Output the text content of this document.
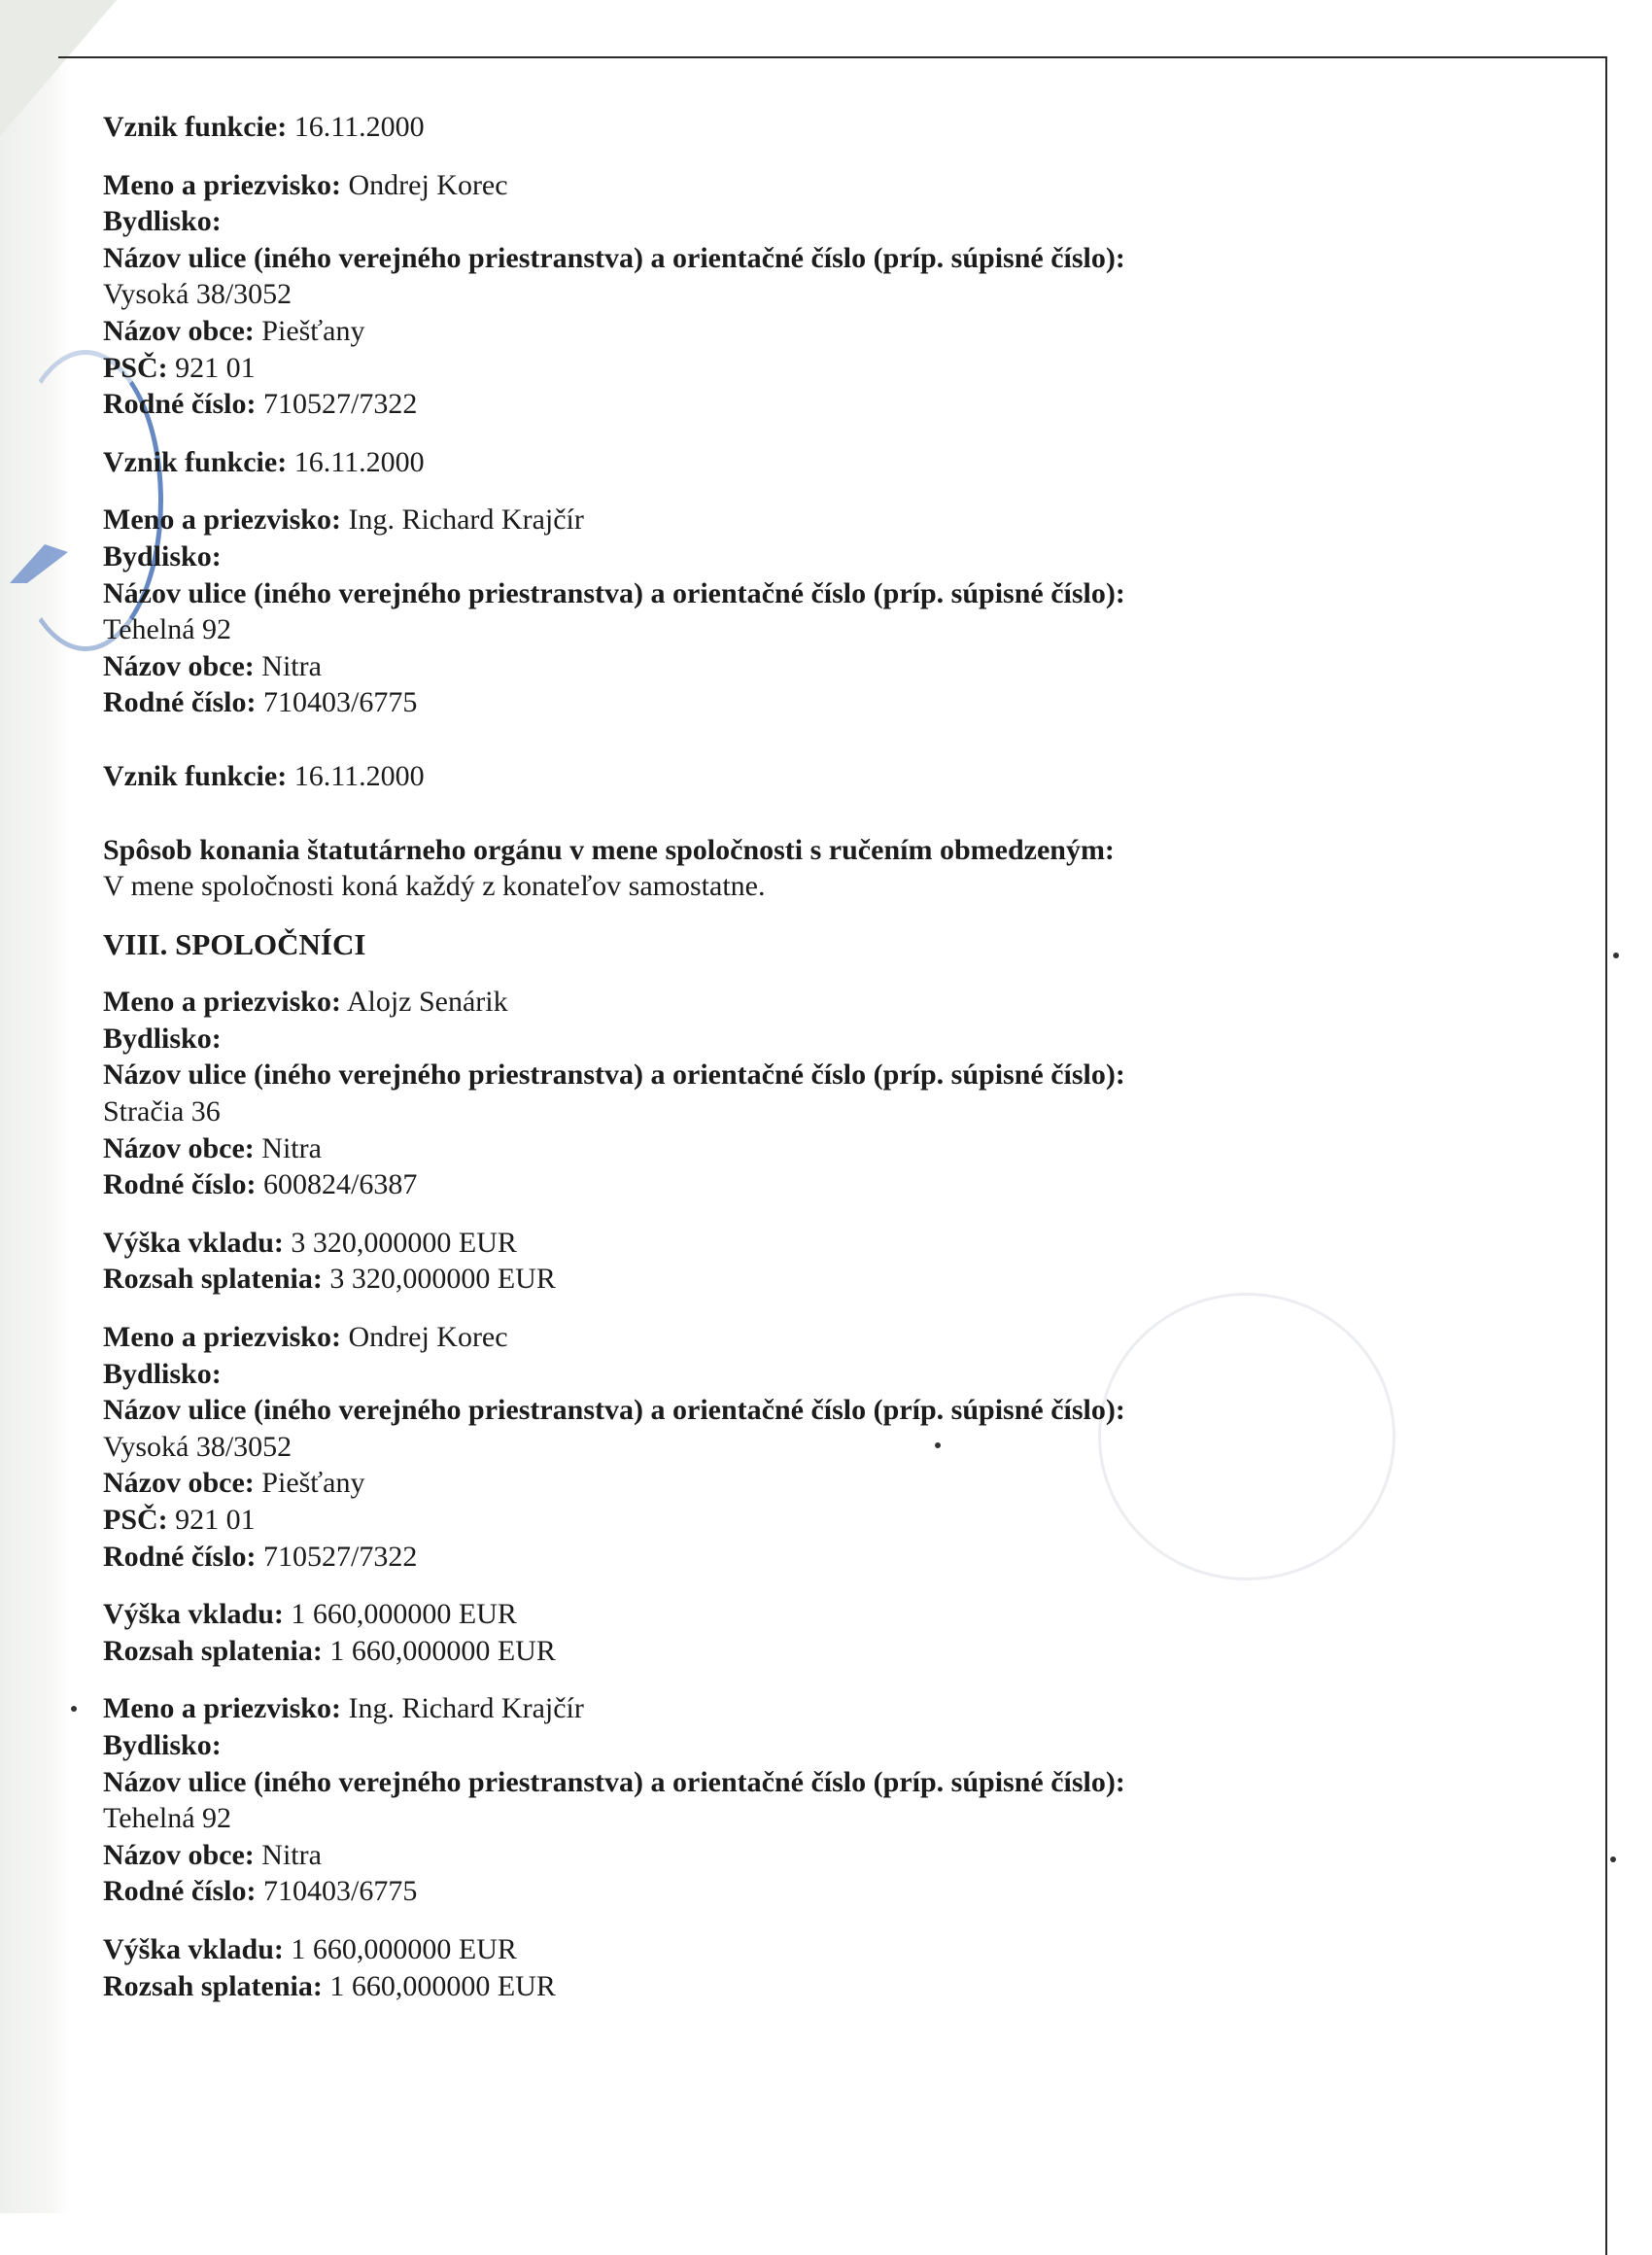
Vznik funkcie: 16.11.2000
Meno a priezvisko: Ondrej Korec
Bydlisko:
Názov ulice (iného verejného priestranstva) a orientačné číslo (príp. súpisné číslo):
Vysoká 38/3052
Názov obce: Piešťany
PSČ: 921 01
Rodné číslo: 710527/7322
Vznik funkcie: 16.11.2000
Meno a priezvisko: Ing. Richard Krajčír
Bydlisko:
Názov ulice (iného verejného priestranstva) a orientačné číslo (príp. súpisné číslo):
Tehelná 92
Názov obce: Nitra
Rodné číslo: 710403/6775
Vznik funkcie: 16.11.2000
Spôsob konania štatutárneho orgánu v mene spoločnosti s ručením obmedzeným:
V mene spoločnosti koná každý z konateľov samostatne.
VIII. SPOLOČNÍCI
Meno a priezvisko: Alojz Senárik
Bydlisko:
Názov ulice (iného verejného priestranstva) a orientačné číslo (príp. súpisné číslo):
Stračia 36
Názov obce: Nitra
Rodné číslo: 600824/6387
Výška vkladu: 3 320,000000 EUR
Rozsah splatenia: 3 320,000000 EUR
Meno a priezvisko: Ondrej Korec
Bydlisko:
Názov ulice (iného verejného priestranstva) a orientačné číslo (príp. súpisné číslo):
Vysoká 38/3052
Názov obce: Piešťany
PSČ: 921 01
Rodné číslo: 710527/7322
Výška vkladu: 1 660,000000 EUR
Rozsah splatenia: 1 660,000000 EUR
Meno a priezvisko: Ing. Richard Krajčír
Bydlisko:
Názov ulice (iného verejného priestranstva) a orientačné číslo (príp. súpisné číslo):
Tehelná 92
Názov obce: Nitra
Rodné číslo: 710403/6775
Výška vkladu: 1 660,000000 EUR
Rozsah splatenia: 1 660,000000 EUR
